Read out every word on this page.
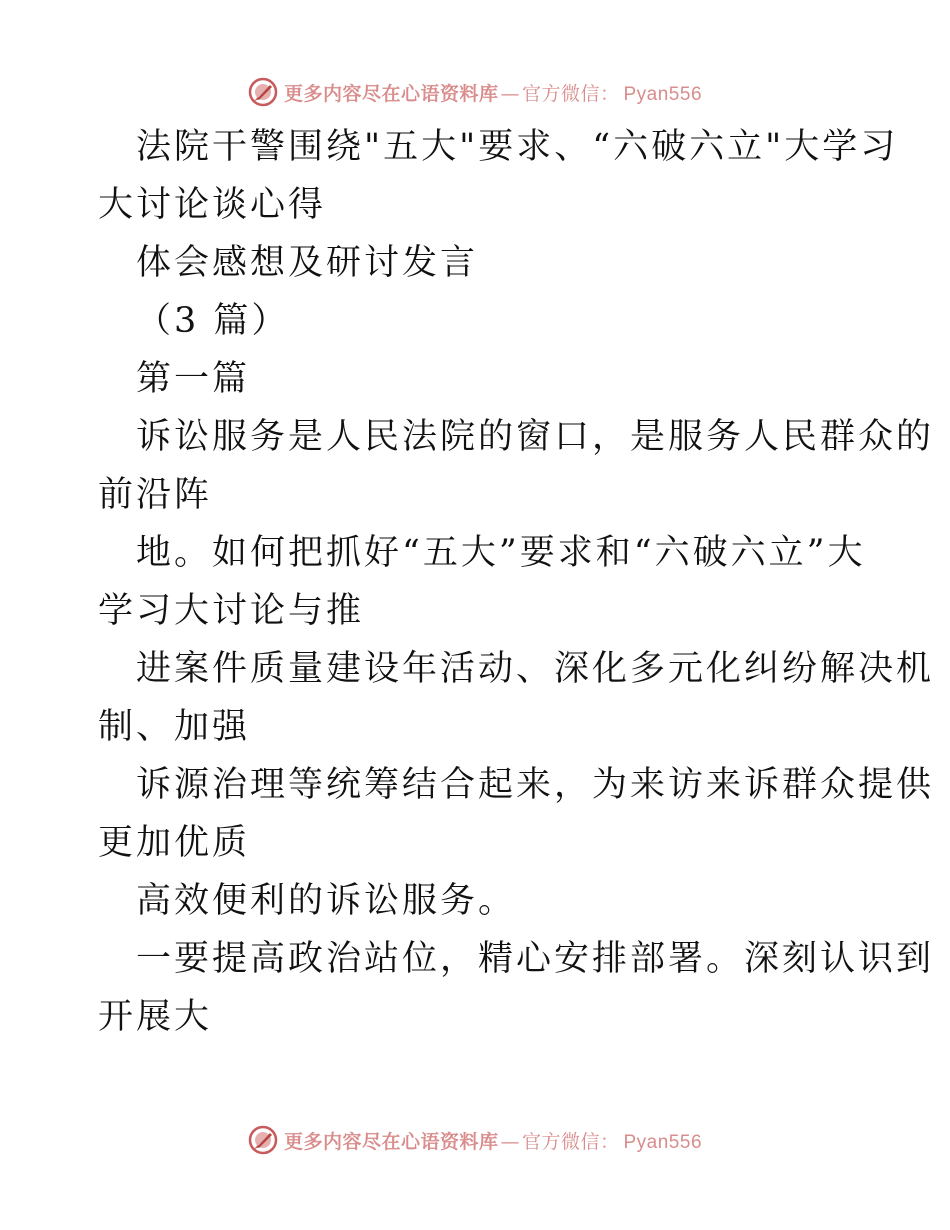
更多内容尽在心语资料库 — 官方微信： Pyan556
法院干警围绕"五大"要求、“六破六立"大学习
大讨论谈心得
体会感想及研讨发言
（3 篇）
第一篇
诉讼服务是人民法院的窗口，是服务人民群众的
前沿阵
地。如何把抓好“五大”要求和“六破六立”大
学习大讨论与推
进案件质量建设年活动、深化多元化纠纷解决机
制、加强
诉源治理等统筹结合起来，为来访来诉群众提供
更加优质
高效便利的诉讼服务。
一要提高政治站位，精心安排部署。深刻认识到
开展大
更多内容尽在心语资料库 — 官方微信： Pyan556
